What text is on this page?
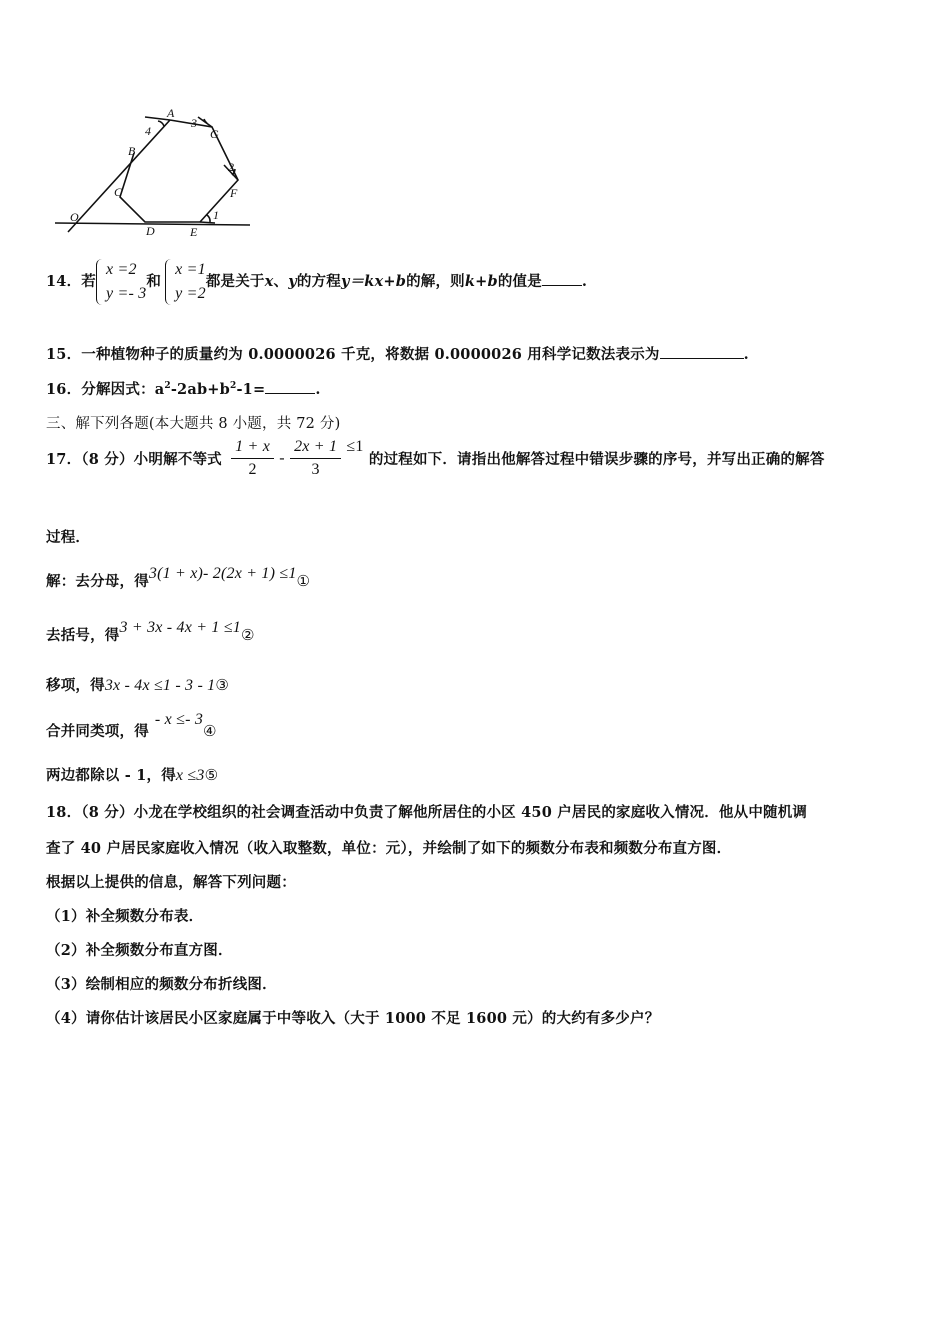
A
G
F
E
D
C
B
O	1
2
3
4
14．若
x =2
y =- 3
和
x =1
y =2
都是关于x、y的方程y＝kx+b的解，则k+b的值是	.
15．一种植物种子的质量约为 0.0000026 千克，将数据 0.0000026 用科学记数法表示为	.
16．分解因式：$a^2-2ab+b^2-1=$	.
三、解下列各题(本大题共 8 小题，共 72 分)
17．（8 分）小明解不等式 $\frac{1 + x}{2} - \frac{2x + 1}{3} \le 1$ 的过程如下．请指出他解答过程中错误步骤的序号，并写出正确的解答
过程．
解：去分母，得3(1 + x)- 2(2x + 1) ≤1①
去括号，得3 + 3x - 4x + 1 ≤1②
移项，得3x - 4x ≤1 - 3 - 1③
合并同类项，得- x ≤- 3④
两边都除以 - 1，得x ≤3⑤
18．（8 分）小龙在学校组织的社会调查活动中负责了解他所居住的小区 450 户居民的家庭收入情况．他从中随机调
查了 40 户居民家庭收入情况（收入取整数，单位：元），并绘制了如下的频数分布表和频数分布直方图．
根据以上提供的信息，解答下列问题：
（1）补全频数分布表．
（2）补全频数分布直方图．
（3）绘制相应的频数分布折线图．
（4）请你估计该居民小区家庭属于中等收入（大于 1000 不足 1600 元）的大约有多少户？
